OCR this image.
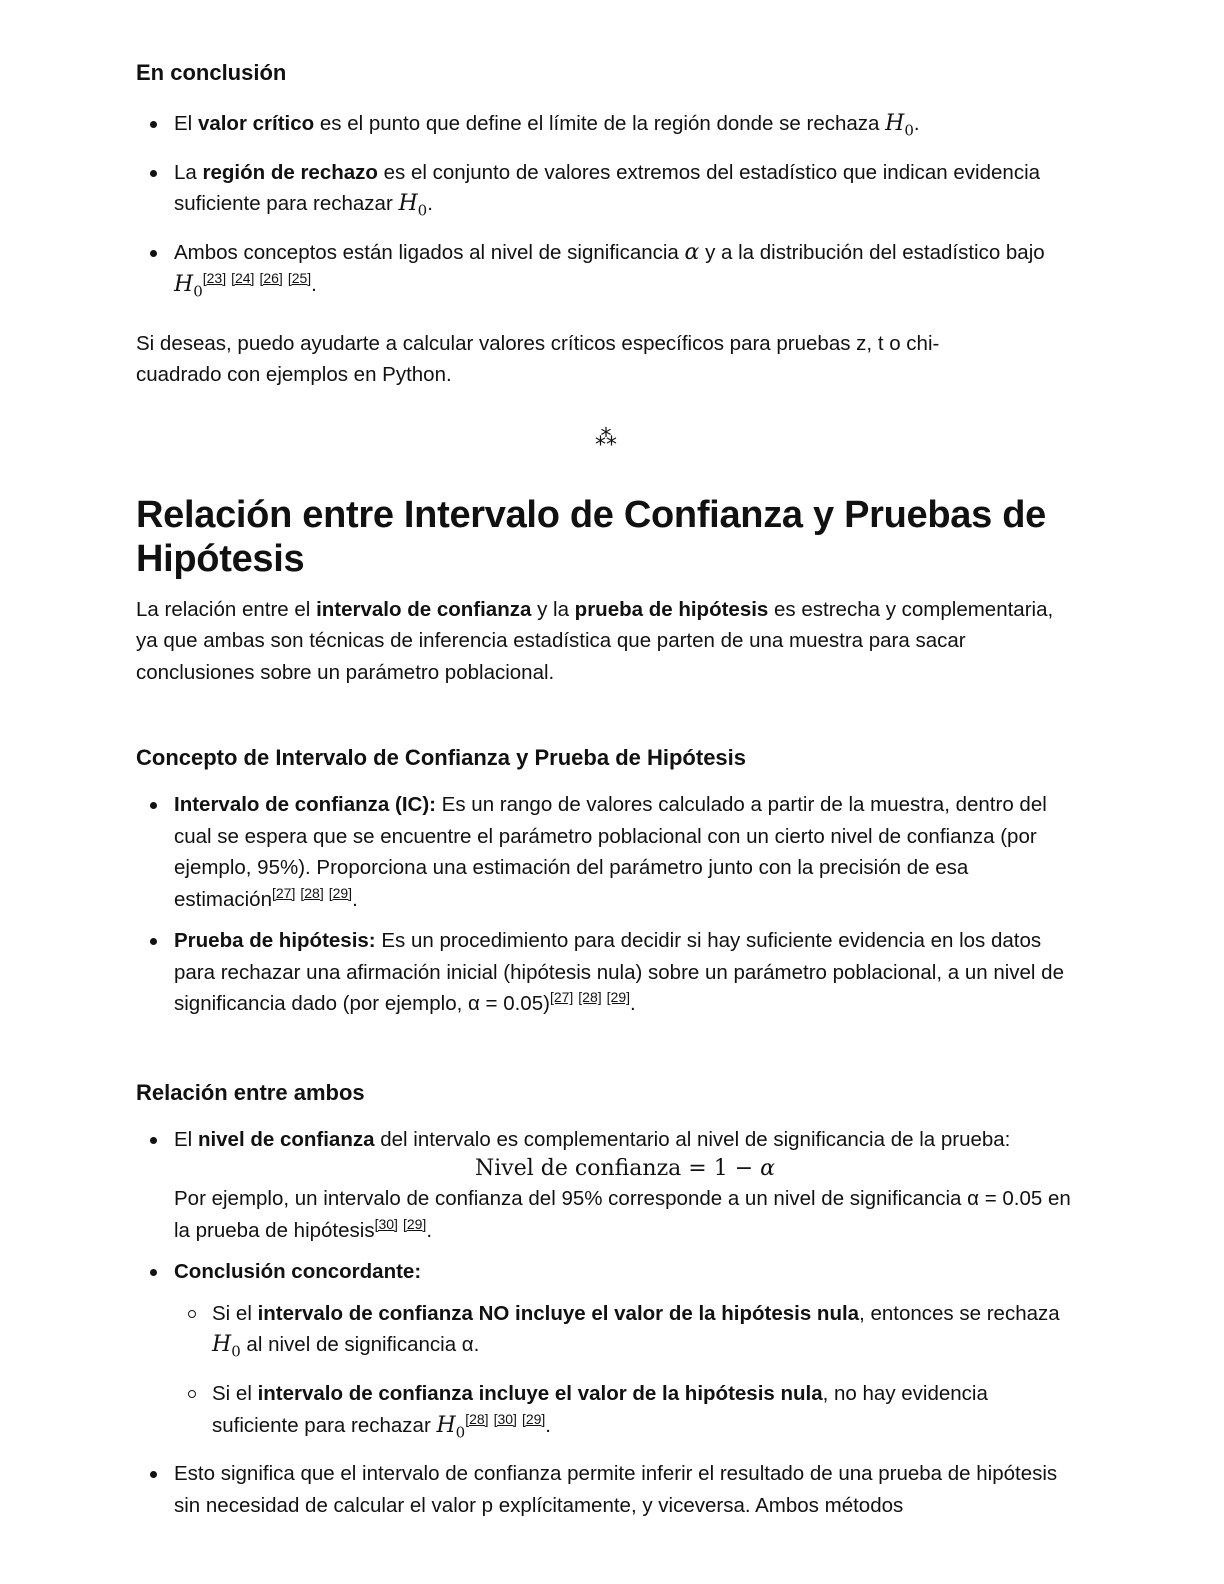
En conclusión
El valor crítico es el punto que define el límite de la región donde se rechaza $H_0$.
La región de rechazo es el conjunto de valores extremos del estadístico que indican evidencia suficiente para rechazar $H_0$.
Ambos conceptos están ligados al nivel de significancia α y a la distribución del estadístico bajo $H_0[23] [24] [26] [25]$.

Si deseas, puedo ayudarte a calcular valores críticos específicos para pruebas z, t o chi-cuadrado con ejemplos en Python.

⁂
Relación entre Intervalo de Confianza y Pruebas de Hipótesis

La relación entre el intervalo de confianza y la prueba de hipótesis es estrecha y complementaria, ya que ambas son técnicas de inferencia estadística que parten de una muestra para sacar conclusiones sobre un parámetro poblacional.

Concepto de Intervalo de Confianza y Prueba de Hipótesis
Intervalo de confianza (IC): Es un rango de valores calculado a partir de la muestra, dentro del cual se espera que se encuentre el parámetro poblacional con un cierto nivel de confianza (por ejemplo, 95%). Proporciona una estimación del parámetro junto con la precisión de esa estimación[27] [28] [29].
Prueba de hipótesis: Es un procedimiento para decidir si hay suficiente evidencia en los datos para rechazar una afirmación inicial (hipótesis nula) sobre un parámetro poblacional, a un nivel de significancia dado (por ejemplo, α = 0.05)[27] [28] [29].
Relación entre ambos
El nivel de confianza del intervalo es complementario al nivel de significancia de la prueba:
Nivel de confianza = 1 − α
Por ejemplo, un intervalo de confianza del 95% corresponde a un nivel de significancia α = 0.05 en la prueba de hipótesis[30] [29].
Conclusión concordante:
Si el intervalo de confianza NO incluye el valor de la hipótesis nula, entonces se rechaza $H_0$ al nivel de significancia α.
Si el intervalo de confianza incluye el valor de la hipótesis nula, no hay evidencia suficiente para rechazar $H_0[28] [30] [29]$.
Esto significa que el intervalo de confianza permite inferir el resultado de una prueba de hipótesis sin necesidad de calcular el valor p explícitamente, y viceversa. Ambos métodos
